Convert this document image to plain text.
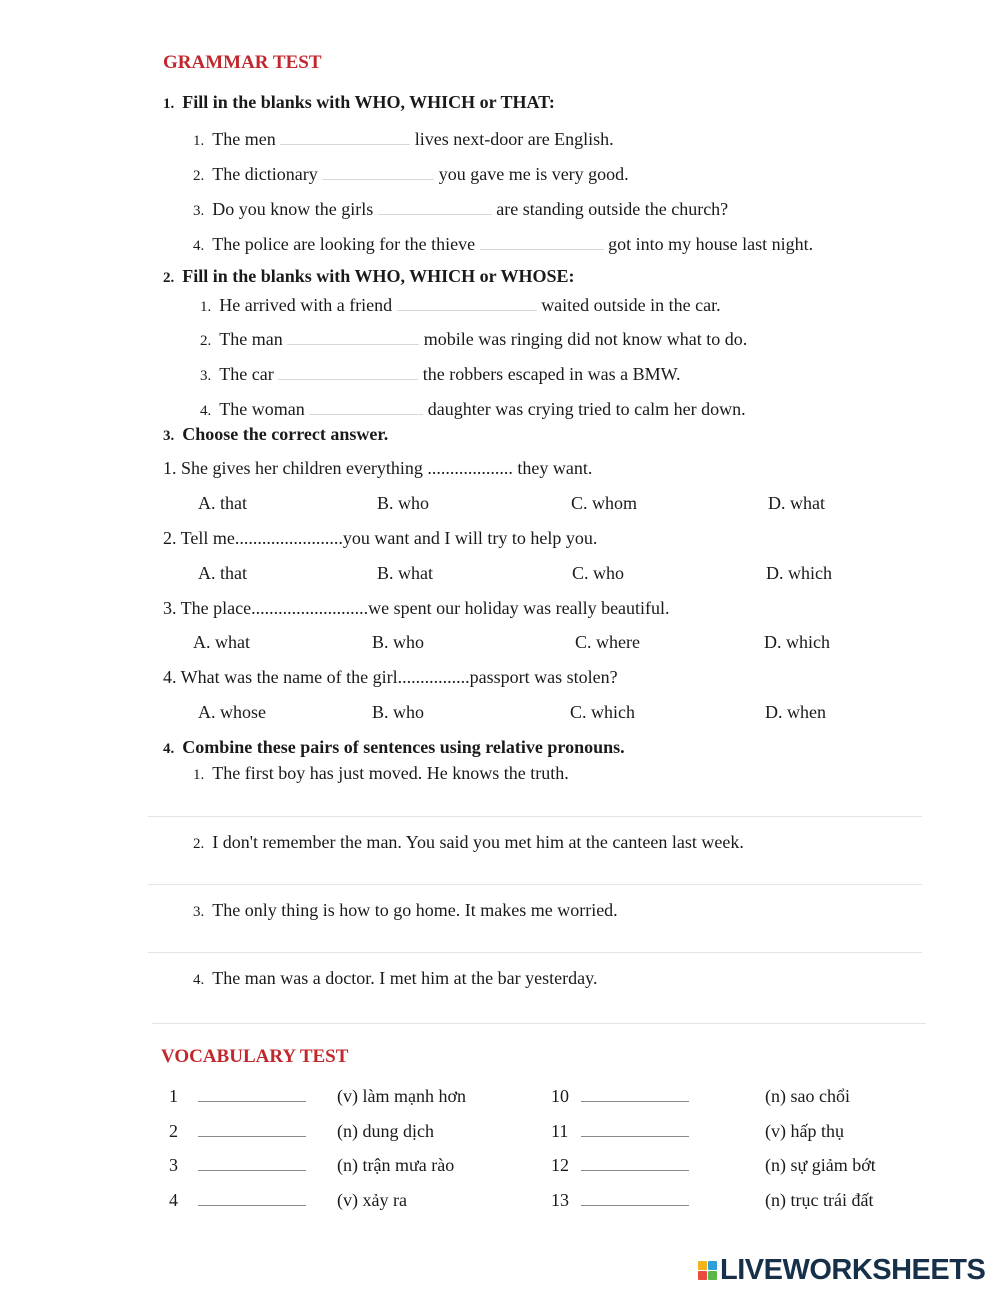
GRAMMAR TEST
1. Fill in the blanks with WHO, WHICH or THAT:
1. The men	lives next-door are English.
2. The dictionary	you gave me is very good.
3. Do you know the girls	are standing outside the church?
4. The police are looking for the thieve	got into my house last night.
2. Fill in the blanks with WHO, WHICH or WHOSE:
1. He arrived with a friend	waited outside in the car.
2. The man	mobile was ringing did not know what to do.
3. The car	the robbers escaped in was a BMW.
4. The woman	daughter was crying tried to calm her down.
3. Choose the correct answer.
1. She gives her children everything ................... they want.
A. that	B. who	C. whom	D. what
2. Tell me........................you want and I will try to help you.
A. that	B. what	C. who	D. which
3. The place..........................we spent our holiday was really beautiful.
A. what	B. who	C. where	D. which
4. What was the name of the girl................passport was stolen?
A. whose	B. who	C. which	D. when
4. Combine these pairs of sentences using relative pronouns.
1. The first boy has just moved. He knows the truth.
2. I don't remember the man. You said you met him at the canteen last week.
3. The only thing is how to go home. It makes me worried.
4. The man was a doctor. I met him at the bar yesterday.
VOCABULARY TEST
1	(v) làm mạnh hơn	10	(n) sao chổi
2	(n) dung dịch	11	(v) hấp thụ
3	(n) trận mưa rào	12	(n) sự giảm bớt
4	(v) xảy ra	13	(n) trục trái đất
LIVEWORKSHEETS
